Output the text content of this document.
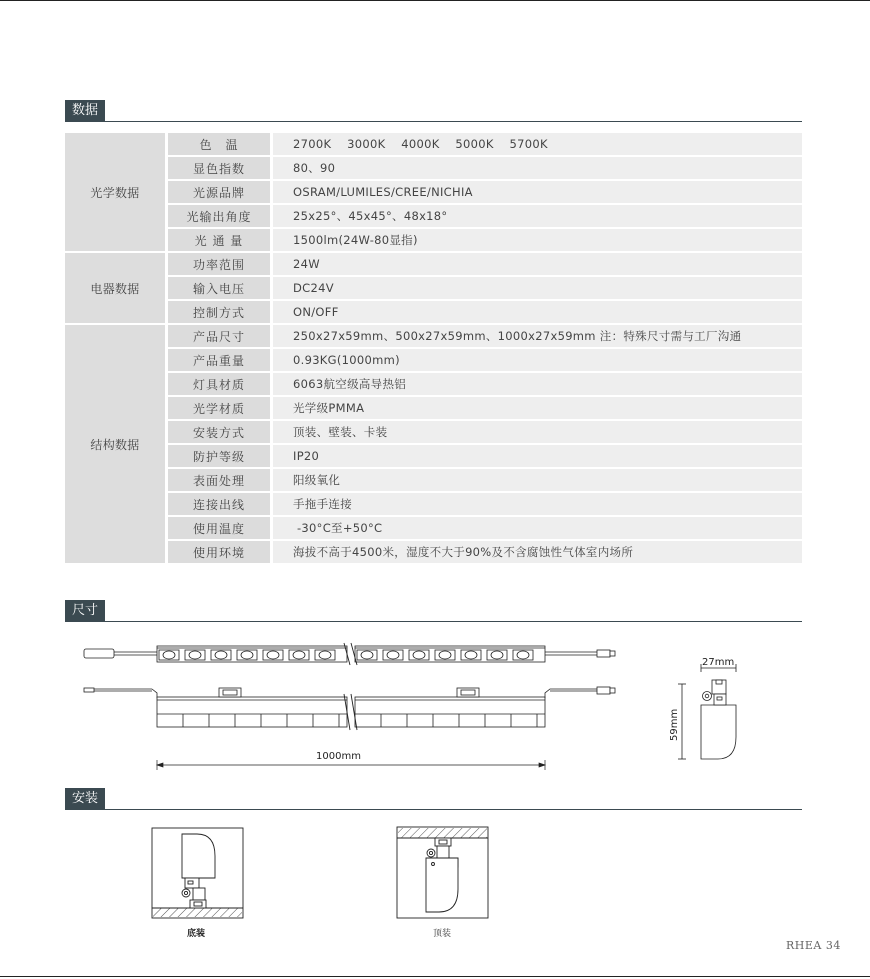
数据
光学数据	色　温	2700K    3000K    4000K    5000K    5700K
	显色指数	80、90
	光源品牌	OSRAM/LUMILES/CREE/NICHIA
	光输出角度	25x25°、45x45°、48x18°
	光 通 量	1500lm(24W-80显指)
电器数据	功率范围	24W
	输入电压	DC24V
	控制方式	ON/OFF
结构数据	产品尺寸	250x27x59mm、500x27x59mm、1000x27x59mm 注：特殊尺寸需与工厂沟通
	产品重量	0.93KG(1000mm)
	灯具材质	6063航空级高导热铝
	光学材质	光学级PMMA
	安装方式	顶装、壁装、卡装
	防护等级	IP20
	表面处理	阳级氧化
	连接出线	手拖手连接
	使用温度	-30°C至+50°C
	使用环境	海拔不高于4500米，湿度不大于90%及不含腐蚀性气体室内场所
尺寸
1000mm
27mm
59mm
安装
底装	顶装
RHEA 34
